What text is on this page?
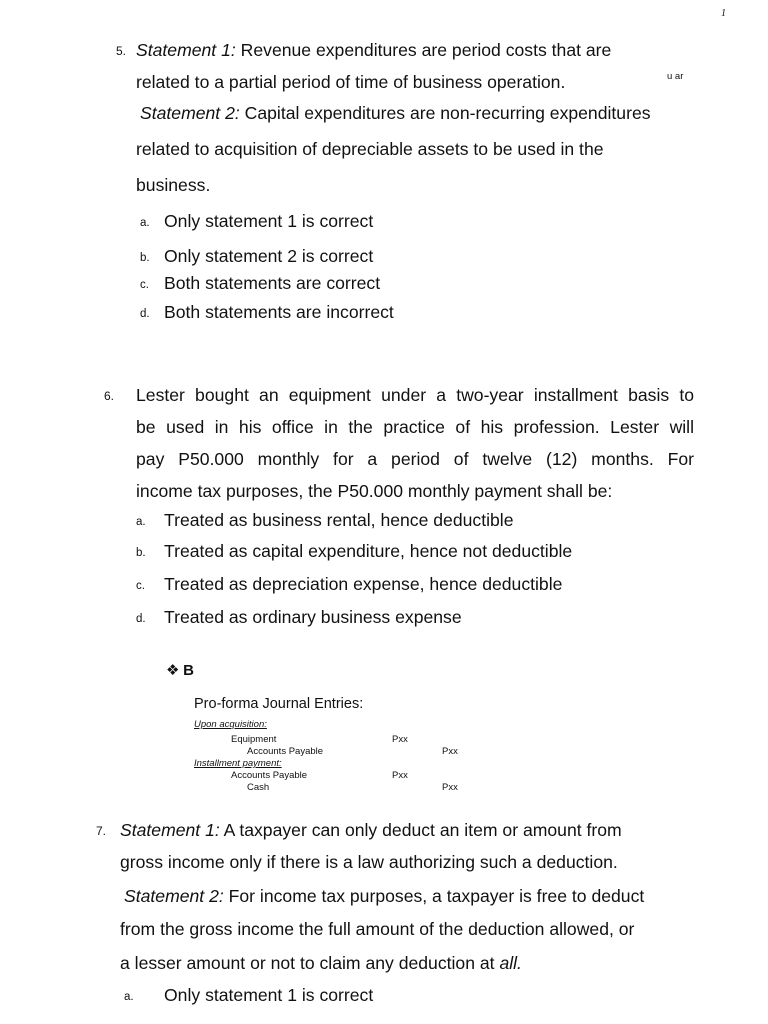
1
u ar
5. Statement 1: Revenue expenditures are period costs that are
related to a partial period of time of business operation.
Statement 2: Capital expenditures are non-recurring expenditures
related to acquisition of depreciable assets to be used in the
business.
a. Only statement 1 is correct
b. Only statement 2 is correct
c. Both statements are correct
d. Both statements are incorrect
6. Lester bought an equipment under a two-year installment basis to
be used in his office in the practice of his profession. Lester will
pay P50.000 monthly for a period of twelve (12) months. For
income tax purposes, the P50.000 monthly payment shall be:
a. Treated as business rental, hence deductible
b. Treated as capital expenditure, hence not deductible
c. Treated as depreciation expense, hence deductible
d. Treated as ordinary business expense
❖ B
Pro-forma Journal Entries:
Upon acquisition:
Equipment	Pxx
Accounts Payable	Pxx
Installment payment:
Accounts Payable	Pxx
Cash	Pxx
7. Statement 1: A taxpayer can only deduct an item or amount from
gross income only if there is a law authorizing such a deduction.
Statement 2: For income tax purposes, a taxpayer is free to deduct
from the gross income the full amount of the deduction allowed, or
a lesser amount or not to claim any deduction at all.
a. Only statement 1 is correct
